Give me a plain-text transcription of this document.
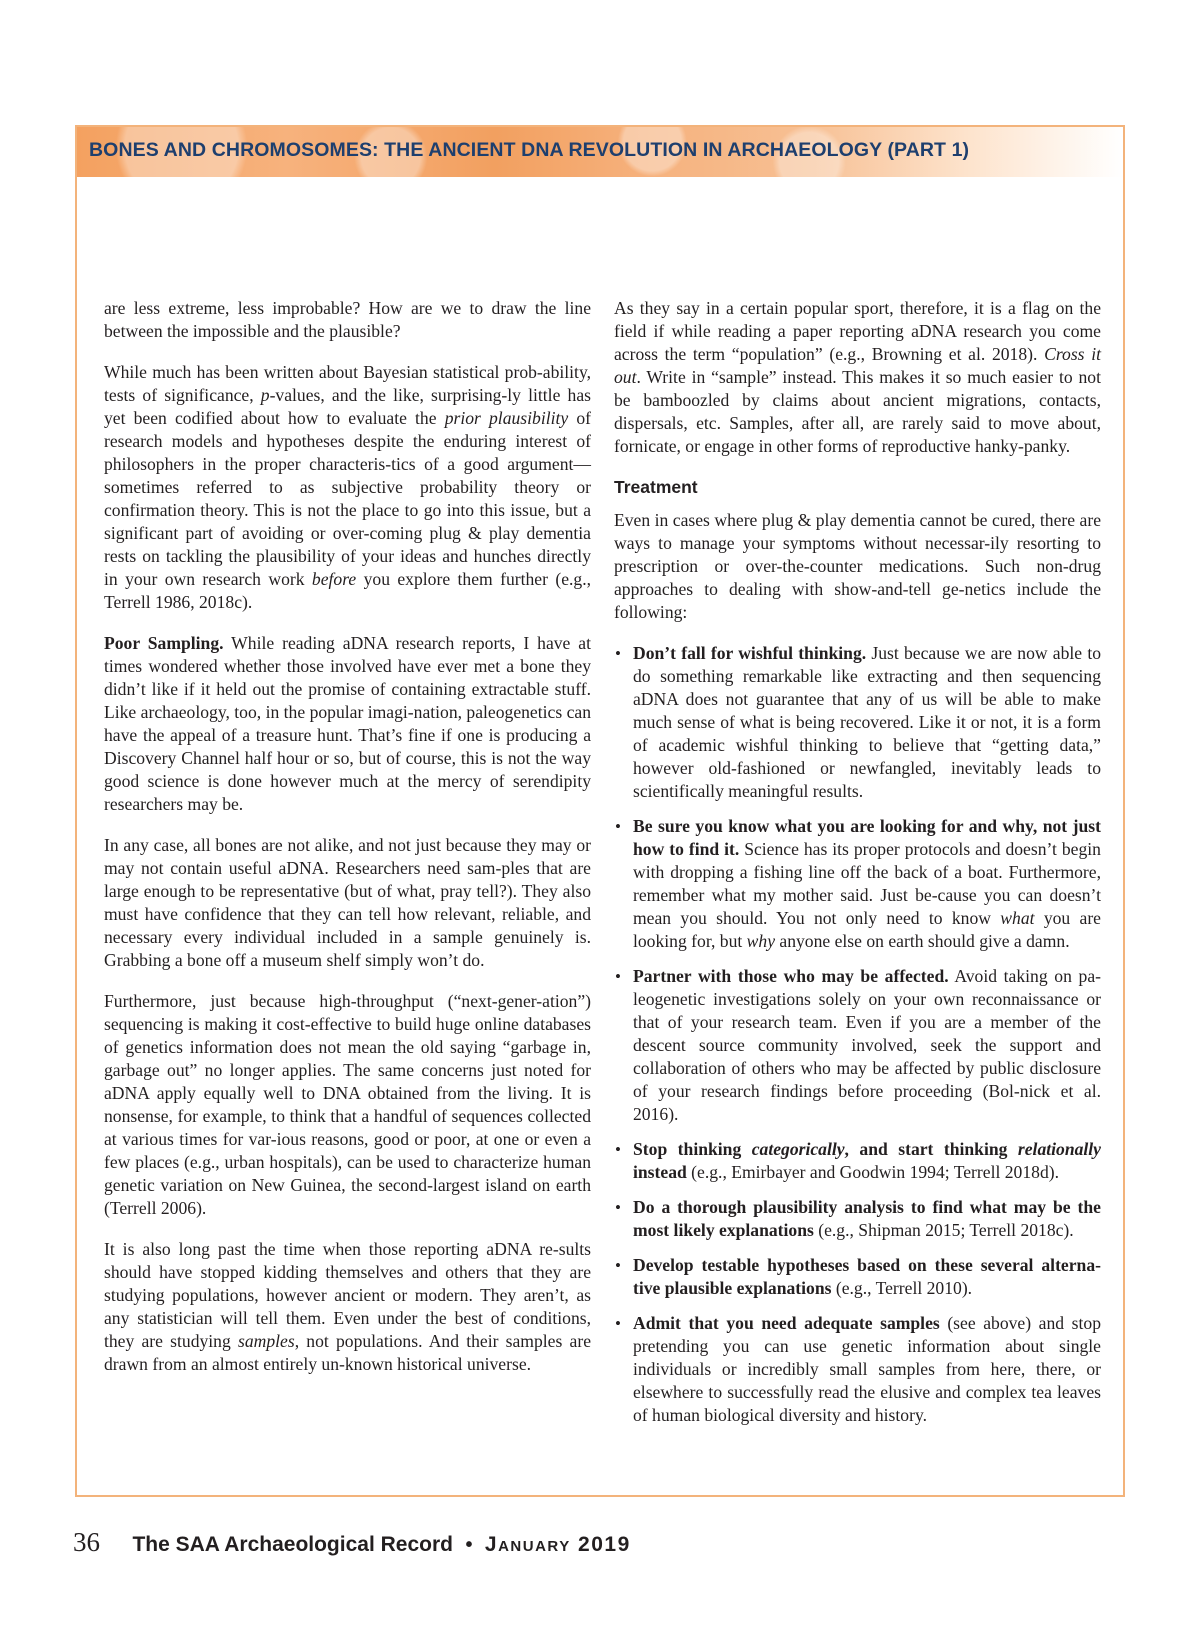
BONES AND CHROMOSOMES: THE ANCIENT DNA REVOLUTION IN ARCHAEOLOGY (PART 1)

are less extreme, less improbable? How are we to draw the line between the impossible and the plausible?

While much has been written about Bayesian statistical prob-ability, tests of significance, p-values, and the like, surprising-ly little has yet been codified about how to evaluate the prior plausibility of research models and hypotheses despite the enduring interest of philosophers in the proper characteris-tics of a good argument—sometimes referred to as subjective probability theory or confirmation theory. This is not the place to go into this issue, but a significant part of avoiding or over-coming plug & play dementia rests on tackling the plausibility of your ideas and hunches directly in your own research work before you explore them further (e.g., Terrell 1986, 2018c).

Poor Sampling. While reading aDNA research reports, I have at times wondered whether those involved have ever met a bone they didn’t like if it held out the promise of containing extractable stuff. Like archaeology, too, in the popular imagi-nation, paleogenetics can have the appeal of a treasure hunt. That’s fine if one is producing a Discovery Channel half hour or so, but of course, this is not the way good science is done however much at the mercy of serendipity researchers may be.

In any case, all bones are not alike, and not just because they may or may not contain useful aDNA. Researchers need sam-ples that are large enough to be representative (but of what, pray tell?). They also must have confidence that they can tell how relevant, reliable, and necessary every individual included in a sample genuinely is. Grabbing a bone off a museum shelf simply won’t do.

Furthermore, just because high-throughput (“next-gener-ation”) sequencing is making it cost-effective to build huge online databases of genetics information does not mean the old saying “garbage in, garbage out” no longer applies. The same concerns just noted for aDNA apply equally well to DNA obtained from the living. It is nonsense, for example, to think that a handful of sequences collected at various times for var-ious reasons, good or poor, at one or even a few places (e.g., urban hospitals), can be used to characterize human genetic variation on New Guinea, the second-largest island on earth (Terrell 2006).

It is also long past the time when those reporting aDNA re-sults should have stopped kidding themselves and others that they are studying populations, however ancient or modern. They aren’t, as any statistician will tell them. Even under the best of conditions, they are studying samples, not populations. And their samples are drawn from an almost entirely un-known historical universe.

As they say in a certain popular sport, therefore, it is a flag on the field if while reading a paper reporting aDNA research you come across the term “population” (e.g., Browning et al. 2018). Cross it out. Write in “sample” instead. This makes it so much easier to not be bamboozled by claims about ancient migrations, contacts, dispersals, etc. Samples, after all, are rarely said to move about, fornicate, or engage in other forms of reproductive hanky-panky.

Treatment

Even in cases where plug & play dementia cannot be cured, there are ways to manage your symptoms without necessar-ily resorting to prescription or over-the-counter medications. Such non-drug approaches to dealing with show-and-tell ge-netics include the following:

• Don’t fall for wishful thinking. Just because we are now able to do something remarkable like extracting and then sequencing aDNA does not guarantee that any of us will be able to make much sense of what is being recovered. Like it or not, it is a form of academic wishful thinking to believe that “getting data,” however old-fashioned or newfangled, inevitably leads to scientifically meaningful results.
• Be sure you know what you are looking for and why, not just how to find it. Science has its proper protocols and doesn’t begin with dropping a fishing line off the back of a boat. Furthermore, remember what my mother said. Just be-cause you can doesn’t mean you should. You not only need to know what you are looking for, but why anyone else on earth should give a damn.
• Partner with those who may be affected. Avoid taking on pa-leogenetic investigations solely on your own reconnaissance or that of your research team. Even if you are a member of the descent source community involved, seek the support and collaboration of others who may be affected by public disclosure of your research findings before proceeding (Bol-nick et al. 2016).
• Stop thinking categorically, and start thinking relationally instead (e.g., Emirbayer and Goodwin 1994; Terrell 2018d).
• Do a thorough plausibility analysis to find what may be the most likely explanations (e.g., Shipman 2015; Terrell 2018c).
• Develop testable hypotheses based on these several alterna-tive plausible explanations (e.g., Terrell 2010).
• Admit that you need adequate samples (see above) and stop pretending you can use genetic information about single individuals or incredibly small samples from here, there, or elsewhere to successfully read the elusive and complex tea leaves of human biological diversity and history.
36 The SAA Archaeological Record • January 2019
